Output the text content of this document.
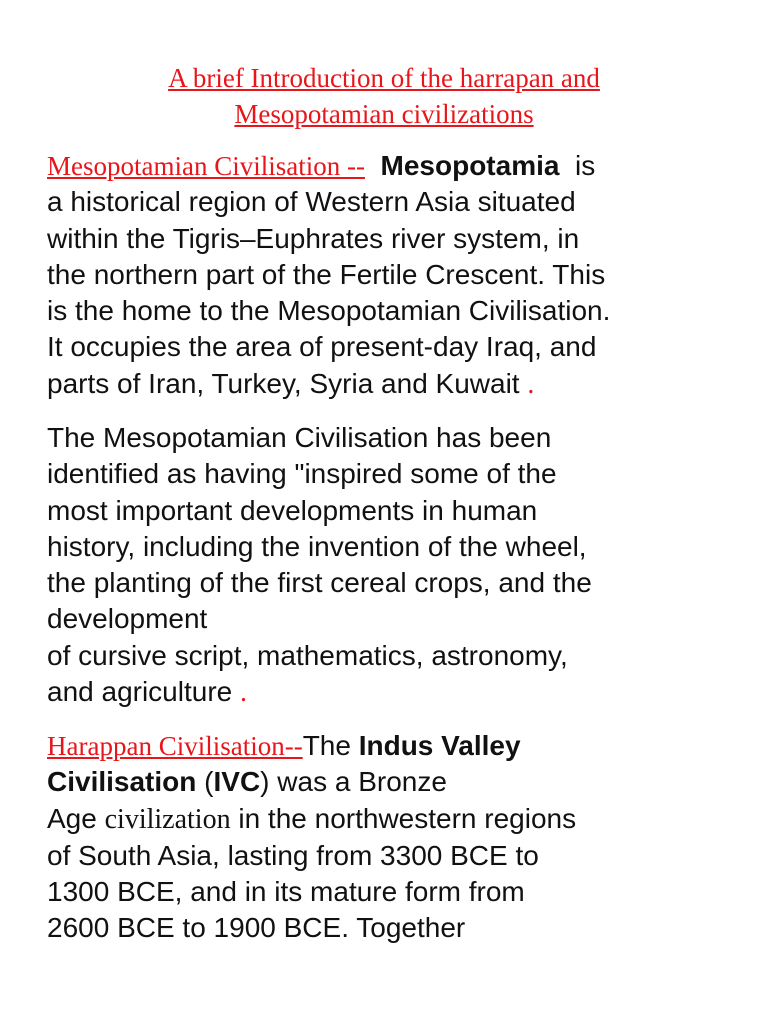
A brief Introduction of the harrapan and
Mesopotamian civilizations
Mesopotamian Civilisation -- Mesopotamia is
a historical region of Western Asia situated
within the Tigris–Euphrates river system, in
the northern part of the Fertile Crescent. This
is the home to the Mesopotamian Civilisation.
It occupies the area of present-day Iraq, and
parts of Iran, Turkey, Syria and Kuwait .
The Mesopotamian Civilisation has been
identified as having "inspired some of the
most important developments in human
history, including the invention of the wheel,
the planting of the first cereal crops, and the
development
of cursive script, mathematics, astronomy,
and agriculture .
Harappan Civilisation--The Indus Valley
Civilisation (IVC) was a Bronze
Age civilization in the northwestern regions
of South Asia, lasting from 3300 BCE to
1300 BCE, and in its mature form from
2600 BCE to 1900 BCE. Together
